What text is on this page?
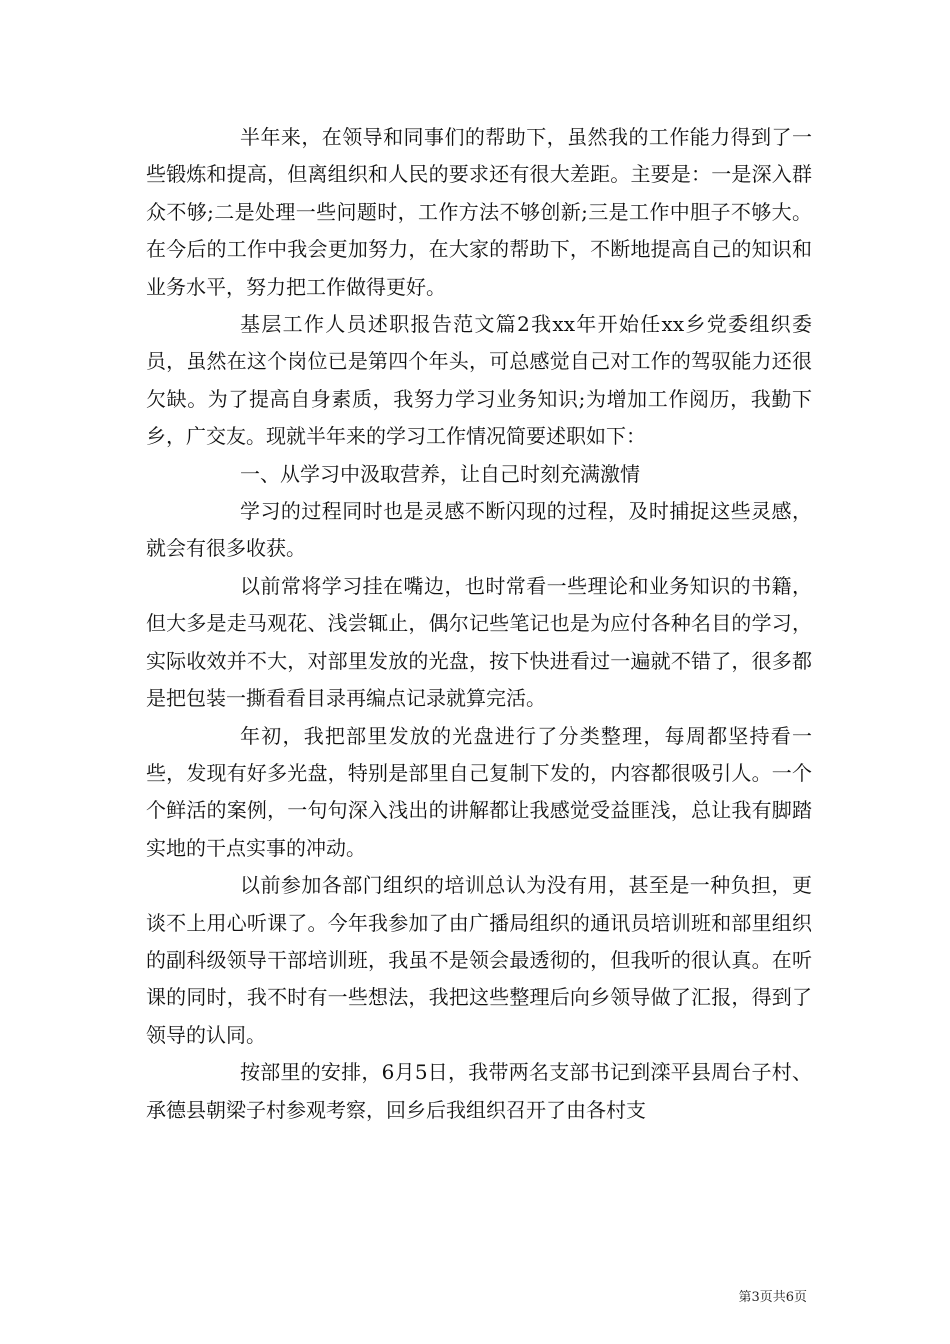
半年来，在领导和同事们的帮助下，虽然我的工作能力得到了一些锻炼和提高，但离组织和人民的要求还有很大差距。主要是：一是深入群众不够;二是处理一些问题时，工作方法不够创新;三是工作中胆子不够大。在今后的工作中我会更加努力，在大家的帮助下，不断地提高自己的知识和业务水平，努力把工作做得更好。

基层工作人员述职报告范文篇2我xx年开始任xx乡党委组织委员，虽然在这个岗位已是第四个年头，可总感觉自己对工作的驾驭能力还很欠缺。为了提高自身素质，我努力学习业务知识;为增加工作阅历，我勤下乡，广交友。现就半年来的学习工作情况简要述职如下：

一、从学习中汲取营养，让自己时刻充满激情

学习的过程同时也是灵感不断闪现的过程，及时捕捉这些灵感，就会有很多收获。

以前常将学习挂在嘴边，也时常看一些理论和业务知识的书籍，但大多是走马观花、浅尝辄止，偶尔记些笔记也是为应付各种名目的学习，实际收效并不大，对部里发放的光盘，按下快进看过一遍就不错了，很多都是把包装一撕看看目录再编点记录就算完活。

年初，我把部里发放的光盘进行了分类整理，每周都坚持看一些，发现有好多光盘，特别是部里自己复制下发的，内容都很吸引人。一个个鲜活的案例，一句句深入浅出的讲解都让我感觉受益匪浅，总让我有脚踏实地的干点实事的冲动。

以前参加各部门组织的培训总认为没有用，甚至是一种负担，更谈不上用心听课了。今年我参加了由广播局组织的通讯员培训班和部里组织的副科级领导干部培训班，我虽不是领会最透彻的，但我听的很认真。在听课的同时，我不时有一些想法，我把这些整理后向乡领导做了汇报，得到了领导的认同。

按部里的安排，6月5日，我带两名支部书记到滦平县周台子村、承德县朝梁子村参观考察，回乡后我组织召开了由各村支

第3页共6页
